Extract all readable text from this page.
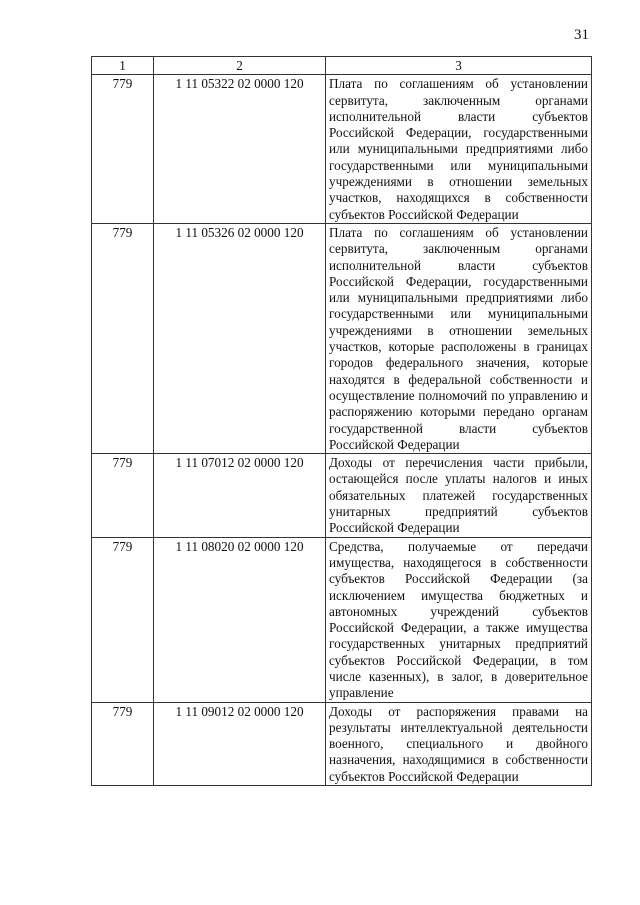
31
1	2	3
779	1 11 05322 02 0000 120	Плата по соглашениям об установлении сервитута, заключенным органами исполнительной власти субъектов Российской Федерации, государственными или муниципальными предприятиями либо государственными или муниципальными учреждениями в отношении земельных участков, находящихся в собственности субъектов Российской Федерации
779	1 11 05326 02 0000 120	Плата по соглашениям об установлении сервитута, заключенным органами исполнительной власти субъектов Российской Федерации, государственными или муниципальными предприятиями либо государственными или муниципальными учреждениями в отношении земельных участков, которые расположены в границах городов федерального значения, которые находятся в федеральной собственности и осуществление полномочий по управлению и распоряжению которыми передано органам государственной власти субъектов Российской Федерации
779	1 11 07012 02 0000 120	Доходы от перечисления части прибыли, остающейся после уплаты налогов и иных обязательных платежей государственных унитарных предприятий субъектов Российской Федерации
779	1 11 08020 02 0000 120	Средства, получаемые от передачи имущества, находящегося в собственности субъектов Российской Федерации (за исключением имущества бюджетных и автономных учреждений субъектов Российской Федерации, а также имущества государственных унитарных предприятий субъектов Российской Федерации, в том числе казенных), в залог, в доверительное управление
779	1 11 09012 02 0000 120	Доходы от распоряжения правами на результаты интеллектуальной деятельности военного, специального и двойного назначения, находящимися в собственности субъектов Российской Федерации
